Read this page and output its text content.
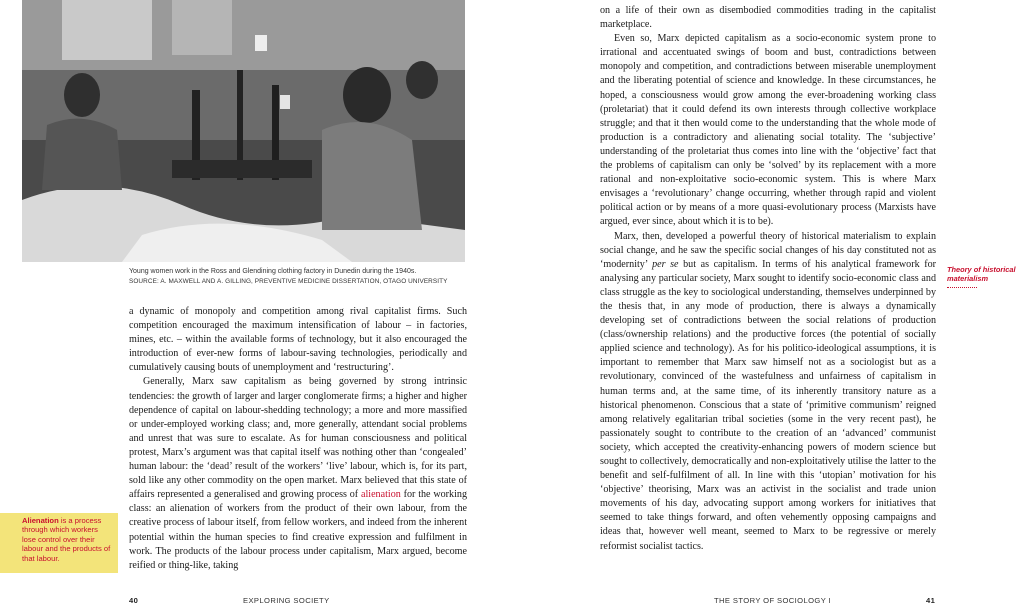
Young women work in the Ross and Glendining clothing factory in Dunedin during the 1940s.
SOURCE: A. MAXWELL AND A. GILLING, PREVENTIVE MEDICINE DISSERTATION, OTAGO UNIVERSITY

a dynamic of monopoly and competition among rival capitalist firms. Such competition encouraged the maximum intensification of labour – in factories, mines, etc. – within the available forms of technology, but it also encouraged the introduction of ever-new forms of labour-saving technologies, periodically and cumulatively causing bouts of unemployment and ‘restructuring’.

Generally, Marx saw capitalism as being governed by strong intrinsic tendencies: the growth of larger and larger conglomerate firms; a higher and higher dependence of capital on labour-shedding technology; a more and more massified or under-employed working class; and, more generally, attendant social problems and unrest that was sure to escalate. As for human consciousness and political protest, Marx’s argument was that capital itself was nothing other than ‘congealed’ human labour: the ‘dead’ result of the workers’ ‘live’ labour, which is, for its part, sold like any other commodity on the open market. Marx believed that this state of affairs represented a generalised and growing process of alienation for the working class: an alienation of workers from the product of their own labour, from the creative process of labour itself, from fellow workers, and indeed from the inherent potential within the human species to find creative expression and fulfilment in work. The products of the labour process under capitalism, Marx argued, become reified or thing-like, taking

Alienation is a process through which workers lose control over their labour and the products of that labour.
40	EXPLORING SOCIETY

on a life of their own as disembodied commodities trading in the capitalist marketplace.

Even so, Marx depicted capitalism as a socio-economic system prone to irrational and accentuated swings of boom and bust, contradictions between monopoly and competition, and contradictions between miserable unemployment and the liberating potential of science and knowledge. In these circumstances, he hoped, a consciousness would grow among the ever-broadening working class (proletariat) that it could defend its own interests through collective workplace struggle; and that it then would come to the understanding that the whole mode of production is a contradictory and alienating social totality. The ‘subjective’ understanding of the proletariat thus comes into line with the ‘objective’ fact that the problems of capitalism can only be ‘solved’ by its replacement with a more rational and non-exploitative socio-economic system. This is where Marx envisages a ‘revolutionary’ change occurring, whether through rapid and violent political action or by means of a more quasi-evolutionary process (Marxists have argued, ever since, about which it is to be).

Marx, then, developed a powerful theory of historical materialism to explain social change, and he saw the specific social changes of his day constituted not as ‘modernity’ per se but as capitalism. In terms of his analytical framework for analysing any particular society, Marx sought to identify socio-economic class and class struggle as the key to sociological understanding, themselves underpinned by the thesis that, in any mode of production, there is always a dynamically developing set of contradictions between the social relations of production (class/ownership relations) and the productive forces (the potential of socially applied science and technology). As for his politico-ideological assumptions, it is important to remember that Marx saw himself not as a sociologist but as a revolutionary, convinced of the wastefulness and unfairness of capitalism in human terms and, at the same time, of its inherently transitory nature as a historical phenomenon. Conscious that a state of ‘primitive communism’ reigned among relatively egalitarian tribal societies (some in the very recent past), he passionately sought to contribute to the creation of an ‘advanced’ communist society, which accepted the creativity-enhancing powers of modern science but sought to collectively, democratically and non-exploitatively utilise the latter to the benefit and self-fulfilment of all. In line with this ‘utopian’ motivation for his ‘objective’ theorising, Marx was an activist in the socialist and trade union movements of his day, advocating support among workers for initiatives that seemed to take things forward, and often vehemently opposing campaigns and ideas that, however well meant, seemed to Marx to be regressive or merely reformist socialist tactics.

Theory of historical materialism
THE STORY OF SOCIOLOGY I	41
